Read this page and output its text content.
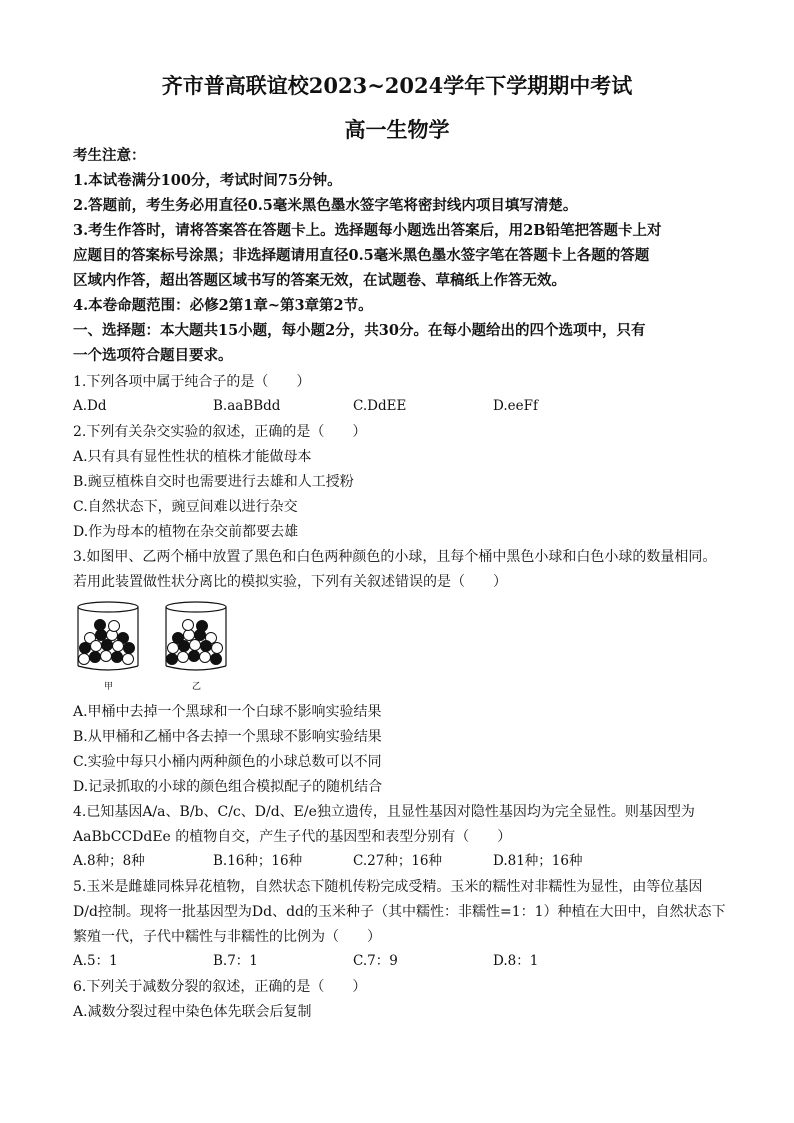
齐市普高联谊校2023~2024学年下学期期中考试
高一生物学
考生注意：
1.本试卷满分100分，考试时间75分钟。
2.答题前，考生务必用直径0.5毫米黑色墨水签字笔将密封线内项目填写清楚。
3.考生作答时，请将答案答在答题卡上。选择题每小题选出答案后，用2B铅笔把答题卡上对
应题目的答案标号涂黑；非选择题请用直径0.5毫米黑色墨水签字笔在答题卡上各题的答题
区域内作答，超出答题区域书写的答案无效，在试题卷、草稿纸上作答无效。
4.本卷命题范围：必修2第1章~第3章第2节。
一、选择题：本大题共15小题，每小题2分，共30分。在每小题给出的四个选项中，只有
一个选项符合题目要求。
1.下列各项中属于纯合子的是（　　）
A.Dd	B.aaBBdd	C.DdEE	D.eeFf
2.下列有关杂交实验的叙述，正确的是（　　）
A.只有具有显性性状的植株才能做母本
B.豌豆植株自交时也需要进行去雄和人工授粉
C.自然状态下，豌豆间难以进行杂交
D.作为母本的植物在杂交前都要去雄
3.如图甲、乙两个桶中放置了黑色和白色两种颜色的小球，且每个桶中黑色小球和白色小球的数量相同。
若用此装置做性状分离比的模拟实验，下列有关叙述错误的是（　　）
甲	乙
A.甲桶中去掉一个黑球和一个白球不影响实验结果
B.从甲桶和乙桶中各去掉一个黑球不影响实验结果
C.实验中每只小桶内两种颜色的小球总数可以不同
D.记录抓取的小球的颜色组合模拟配子的随机结合
4.已知基因A/a、B/b、C/c、D/d、E/e独立遗传，且显性基因对隐性基因均为完全显性。则基因型为
AaBbCCDdEe 的植物自交，产生子代的基因型和表型分别有（　　）
A.8种；8种	B.16种；16种	C.27种；16种	D.81种；16种
5.玉米是雌雄同株异花植物，自然状态下随机传粉完成受精。玉米的糯性对非糯性为显性，由等位基因
D/d控制。现将一批基因型为Dd、dd的玉米种子（其中糯性：非糯性=1：1）种植在大田中，自然状态下
繁殖一代，子代中糯性与非糯性的比例为（　　）
A.5：1	B.7：1	C.7：9	D.8：1
6.下列关于减数分裂的叙述，正确的是（　　）
A.减数分裂过程中染色体先联会后复制
